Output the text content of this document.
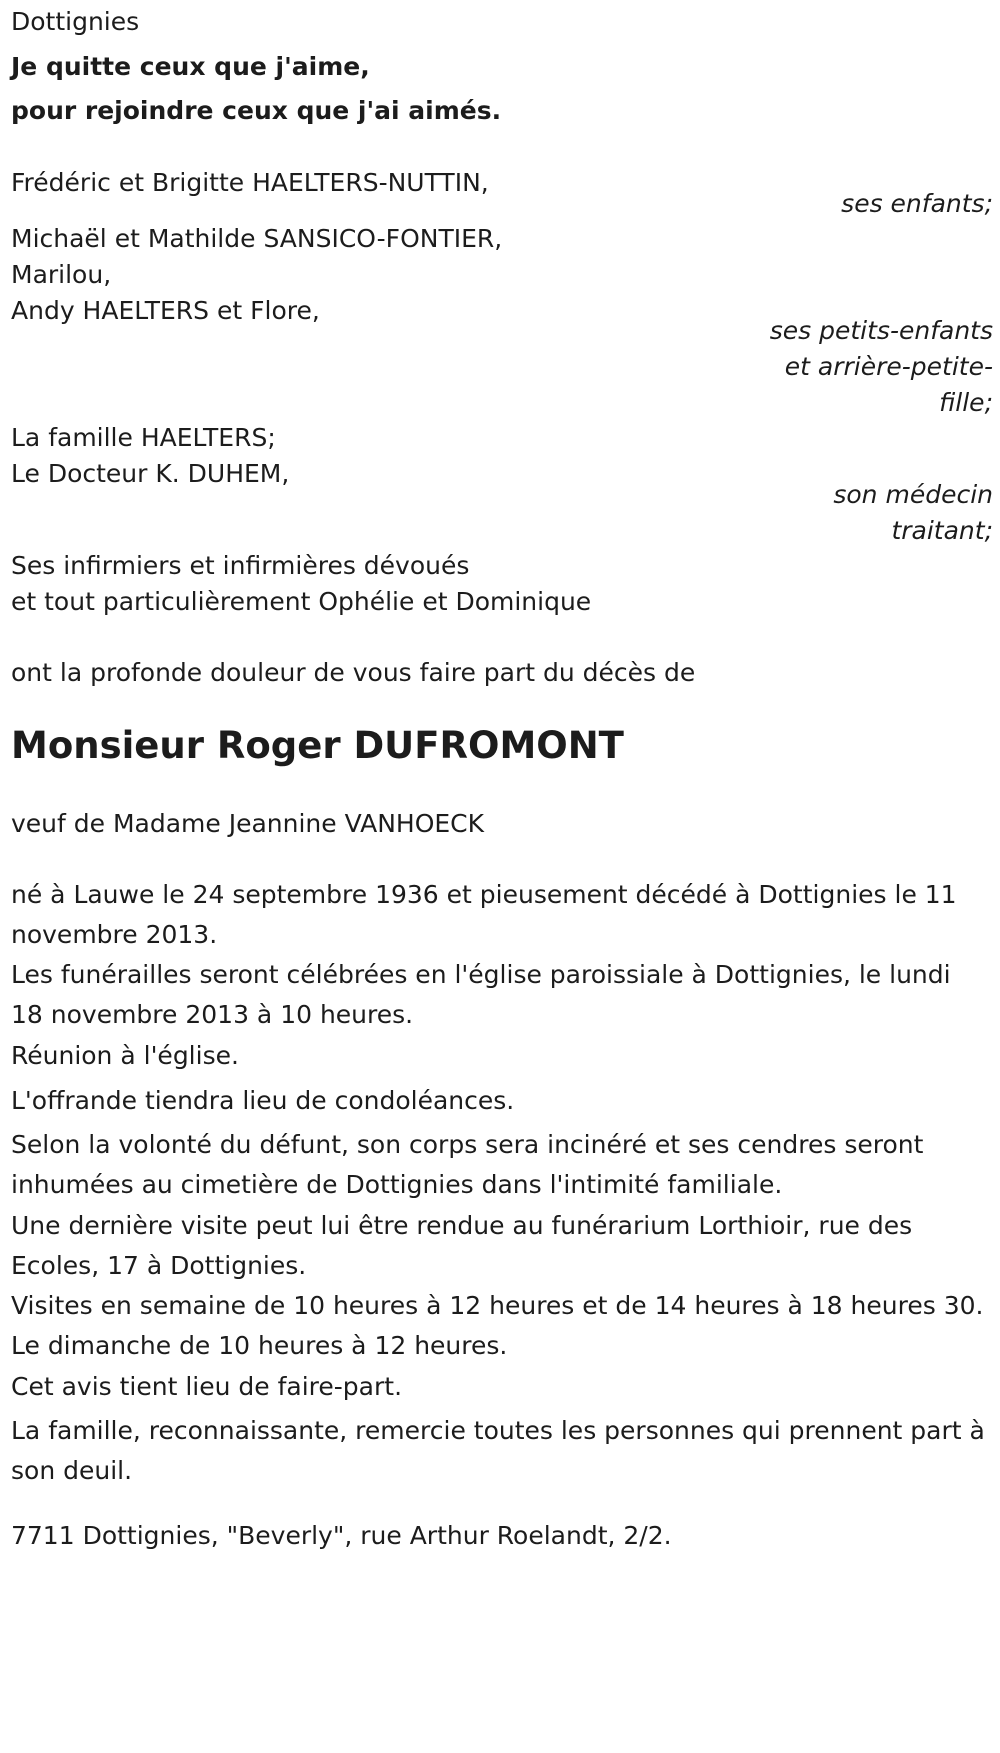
Dottignies

Je quitte ceux que j'aime,

pour rejoindre ceux que j'ai aimés.

Frédéric et Brigitte HAELTERS-NUTTIN,

ses enfants;

Michaël et Mathilde SANSICO-FONTIER,

Marilou,

Andy HAELTERS et Flore,

ses petits-enfants

et arrière-petite-

fille;

La famille HAELTERS;

Le Docteur K. DUHEM,

son médecin

traitant;

Ses infirmiers et infirmières dévoués

et tout particulièrement Ophélie et Dominique

ont la profonde douleur de vous faire part du décès de

Monsieur Roger DUFROMONT

veuf de Madame Jeannine VANHOECK

né à Lauwe le 24 septembre 1936 et pieusement décédé à Dottignies le 11 novembre 2013.

Les funérailles seront célébrées en l'église paroissiale à Dottignies, le lundi 18 novembre 2013 à 10 heures.

Réunion à l'église.

L'offrande tiendra lieu de condoléances.

Selon la volonté du défunt, son corps sera incinéré et ses cendres seront inhumées au cimetière de Dottignies dans l'intimité familiale.

Une dernière visite peut lui être rendue au funérarium Lorthioir, rue des Ecoles, 17 à Dottignies.

Visites en semaine de 10 heures à 12 heures et de 14 heures à 18 heures 30. Le dimanche de 10 heures à 12 heures.

Cet avis tient lieu de faire-part.

La famille, reconnaissante, remercie toutes les personnes qui prennent part à son deuil.

7711 Dottignies, "Beverly", rue Arthur Roelandt, 2/2.
